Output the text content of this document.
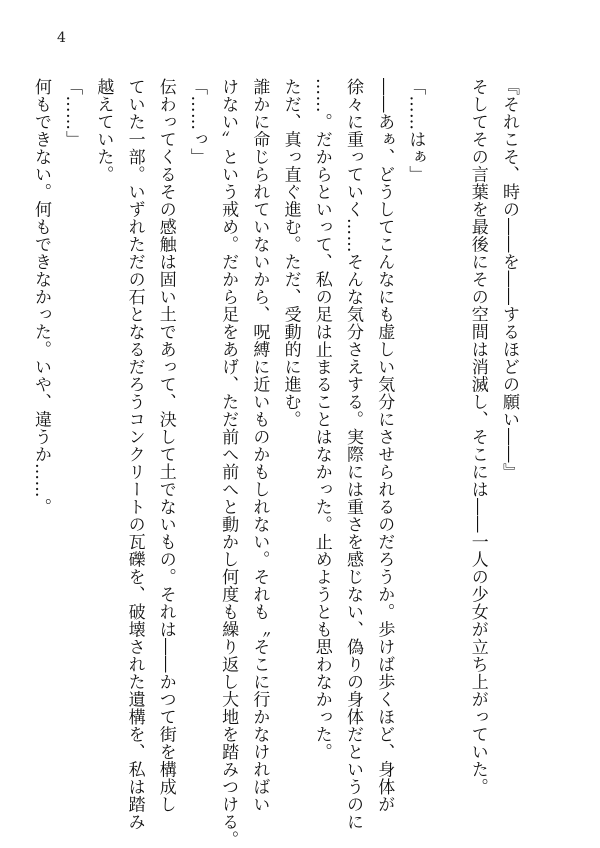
4
『それこそ、時の――を――するほどの願い――』
そしてその言葉を最後にその空間は消滅し、そこには――一人の少女が立ち上がっていた。

「……はぁ」
――あぁ、どうしてこんなにも虚しい気分にさせられるのだろうか。歩けば歩くほど、身体が
徐々に重っていく……そんな気分さえする。実際には重さを感じない、偽りの身体だというのに
……。だからといって、私の足は止まることはなかった。止めようとも思わなかった。
ただ、真っ直ぐ進む。ただ、受動的に進む。
誰かに命じられていないから、呪縛に近いものかもしれない。それも〝そこに行かなければい
けない〟という戒め。だから足をあげ、ただ前へ前へと動かし何度も繰り返し大地を踏みつける。
「……っ」
伝わってくるその感触は固い土であって、決して土でないもの。それは――かつて街を構成し
ていた一部。いずれただの石となるだろうコンクリートの瓦礫を、破壊された遺構を、私は踏み
越えていた。
「……」
何もできない。何もできなかった。いや、違うか……。
